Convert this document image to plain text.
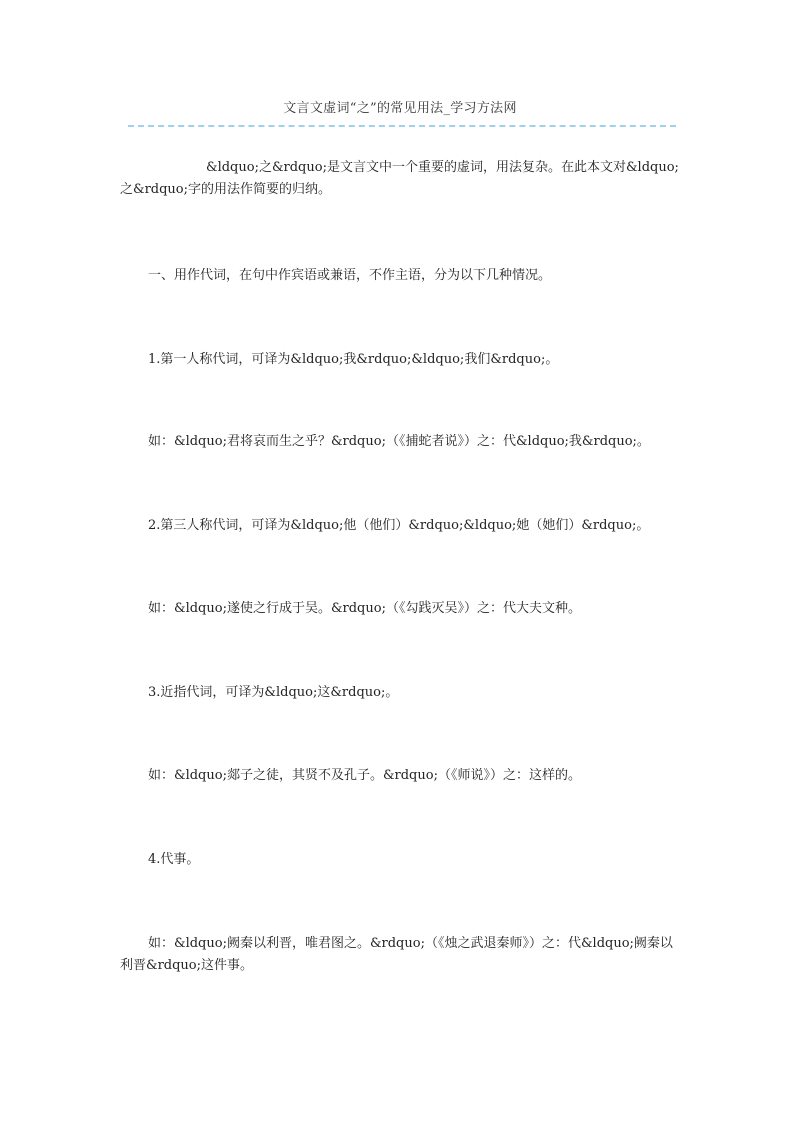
文言文虚词“之”的常见用法_学习方法网

&ldquo;之&rdquo;是文言文中一个重要的虚词，用法复杂。在此本文对&ldquo;之&rdquo;字的用法作简要的归纳。

一、用作代词，在句中作宾语或兼语，不作主语，分为以下几种情况。

1.第一人称代词，可译为&ldquo;我&rdquo;&ldquo;我们&rdquo;。

如：&ldquo;君将哀而生之乎？&rdquo;（《捕蛇者说》）之：代&ldquo;我&rdquo;。

2.第三人称代词，可译为&ldquo;他（他们）&rdquo;&ldquo;她（她们）&rdquo;。

如：&ldquo;遂使之行成于吴。&rdquo;（《勾践灭吴》）之：代大夫文种。

3.近指代词，可译为&ldquo;这&rdquo;。

如：&ldquo;郯子之徒，其贤不及孔子。&rdquo;（《师说》）之：这样的。

4.代事。

如：&ldquo;阙秦以利晋，唯君图之。&rdquo;（《烛之武退秦师》）之：代&ldquo;阙秦以利晋&rdquo;这件事。
